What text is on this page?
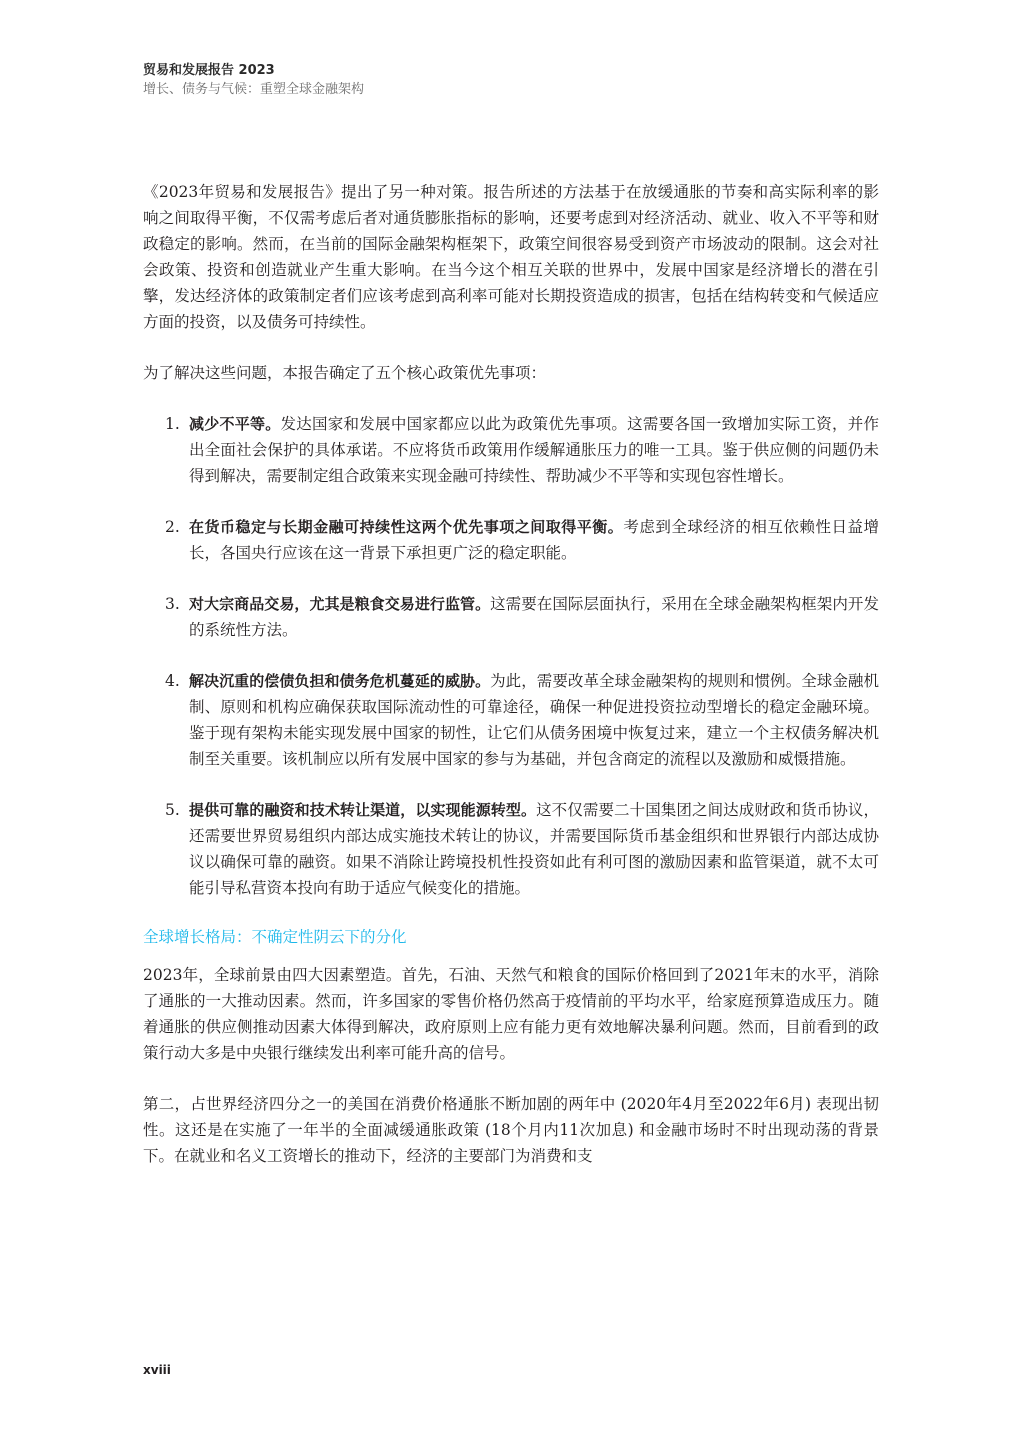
贸易和发展报告 2023
增长、债务与气候：重塑全球金融架构

《2023年贸易和发展报告》提出了另一种对策。报告所述的方法基于在放缓通胀的节奏和高实际利率的影响之间取得平衡，不仅需考虑后者对通货膨胀指标的影响，还要考虑到对经济活动、就业、收入不平等和财政稳定的影响。然而，在当前的国际金融架构框架下，政策空间很容易受到资产市场波动的限制。这会对社会政策、投资和创造就业产生重大影响。在当今这个相互关联的世界中，发展中国家是经济增长的潜在引擎，发达经济体的政策制定者们应该考虑到高利率可能对长期投资造成的损害，包括在结构转变和气候适应方面的投资，以及债务可持续性。

为了解决这些问题，本报告确定了五个核心政策优先事项：

1. 减少不平等。发达国家和发展中国家都应以此为政策优先事项。这需要各国一致增加实际工资，并作出全面社会保护的具体承诺。不应将货币政策用作缓解通胀压力的唯一工具。鉴于供应侧的问题仍未得到解决，需要制定组合政策来实现金融可持续性、帮助减少不平等和实现包容性增长。
2. 在货币稳定与长期金融可持续性这两个优先事项之间取得平衡。考虑到全球经济的相互依赖性日益增长，各国央行应该在这一背景下承担更广泛的稳定职能。
3. 对大宗商品交易，尤其是粮食交易进行监管。这需要在国际层面执行，采用在全球金融架构框架内开发的系统性方法。
4. 解决沉重的偿债负担和债务危机蔓延的威胁。为此，需要改革全球金融架构的规则和惯例。全球金融机制、原则和机构应确保获取国际流动性的可靠途径，确保一种促进投资拉动型增长的稳定金融环境。鉴于现有架构未能实现发展中国家的韧性，让它们从债务困境中恢复过来，建立一个主权债务解决机制至关重要。该机制应以所有发展中国家的参与为基础，并包含商定的流程以及激励和威慑措施。
5. 提供可靠的融资和技术转让渠道，以实现能源转型。这不仅需要二十国集团之间达成财政和货币协议，还需要世界贸易组织内部达成实施技术转让的协议，并需要国际货币基金组织和世界银行内部达成协议以确保可靠的融资。如果不消除让跨境投机性投资如此有利可图的激励因素和监管渠道，就不太可能引导私营资本投向有助于适应气候变化的措施。
全球增长格局：不确定性阴云下的分化

2023年，全球前景由四大因素塑造。首先，石油、天然气和粮食的国际价格回到了2021年末的水平，消除了通胀的一大推动因素。然而，许多国家的零售价格仍然高于疫情前的平均水平，给家庭预算造成压力。随着通胀的供应侧推动因素大体得到解决，政府原则上应有能力更有效地解决暴利问题。然而，目前看到的政策行动大多是中央银行继续发出利率可能升高的信号。

第二，占世界经济四分之一的美国在消费价格通胀不断加剧的两年中 (2020年4月至2022年6月) 表现出韧性。这还是在实施了一年半的全面减缓通胀政策 (18个月内11次加息) 和金融市场时不时出现动荡的背景下。在就业和名义工资增长的推动下，经济的主要部门为消费和支

xviii
